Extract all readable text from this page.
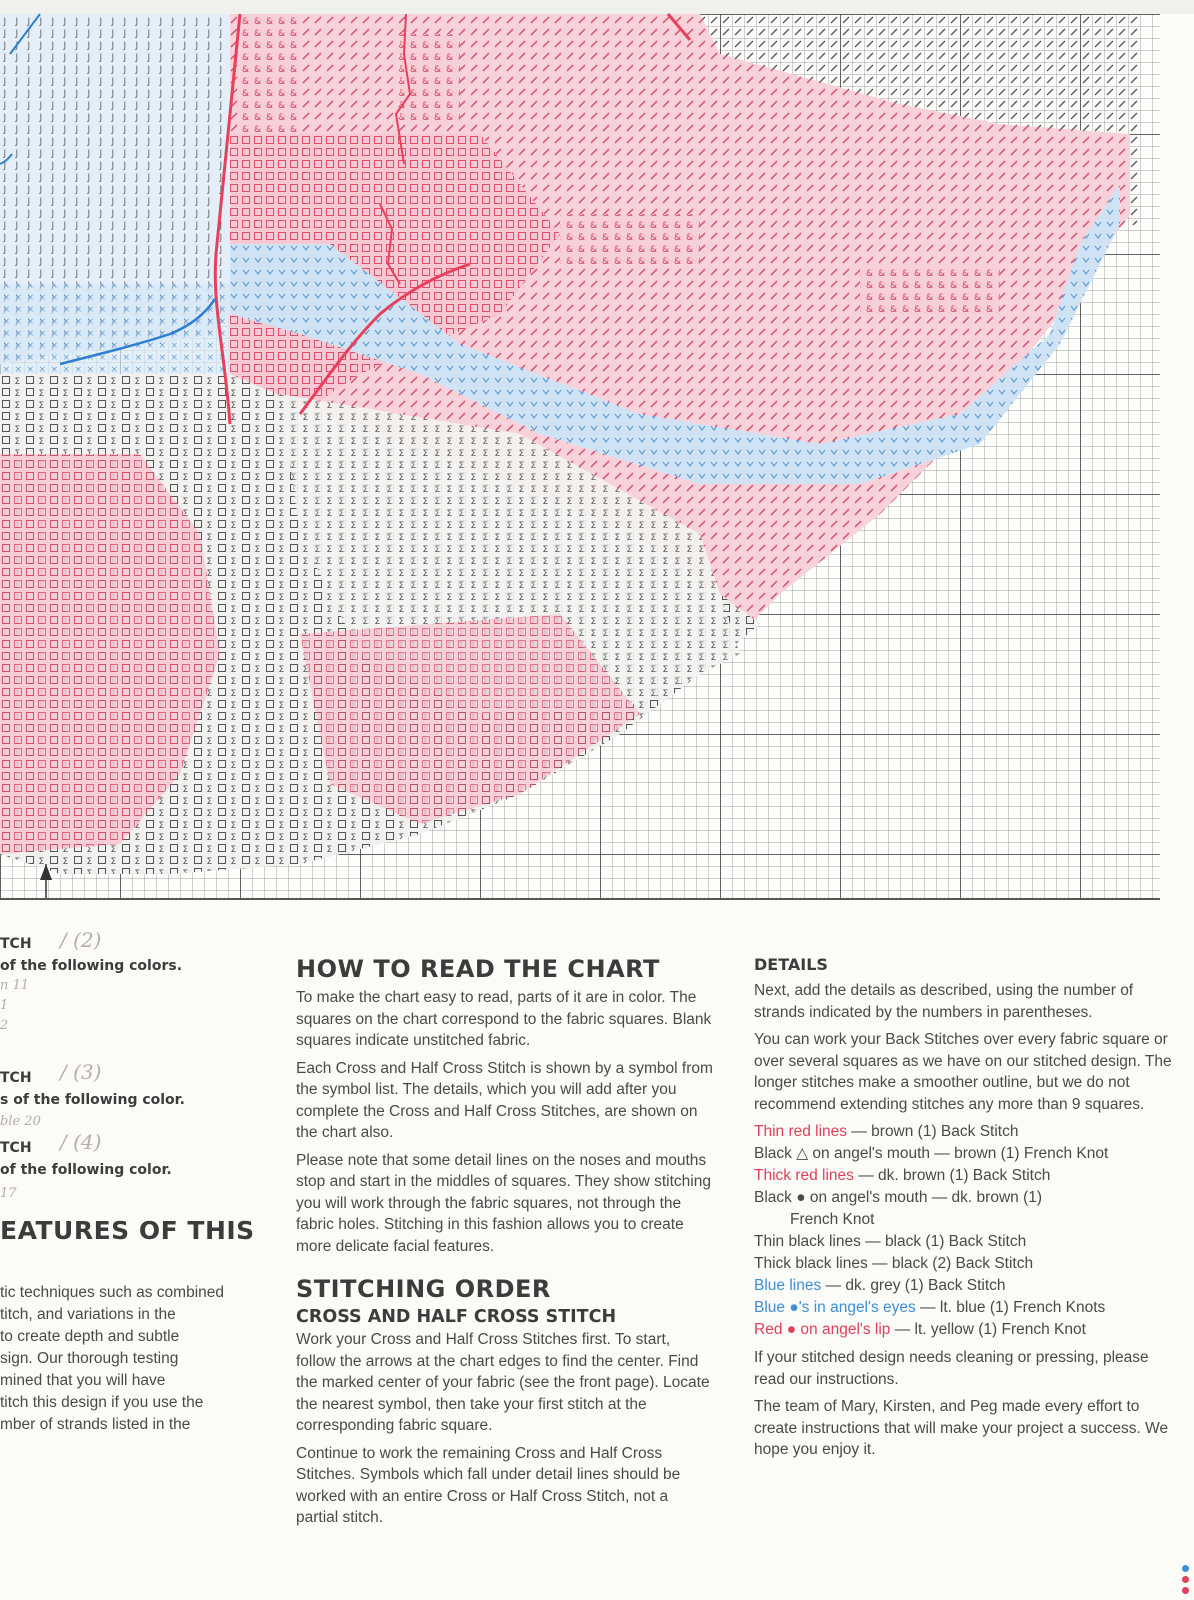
TCH / (2)
of the following colors.
n 11
1
2
TCH / (3)
s of the following color.
ble 20
TCH / (4)
of the following color.
17
EATURES OF THIS
tic techniques such as combined
titch, and variations in the
to create depth and subtle
sign. Our thorough testing
mined that you will have
titch this design if you use the
mber of strands listed in the
HOW TO READ THE CHART

To make the chart easy to read, parts of it are in color. The squares on the chart correspond to the fabric squares. Blank squares indicate unstitched fabric.

Each Cross and Half Cross Stitch is shown by a symbol from the symbol list. The details, which you will add after you complete the Cross and Half Cross Stitches, are shown on the chart also.

Please note that some detail lines on the noses and mouths stop and start in the middles of squares. They show stitching you will work through the fabric squares, not through the fabric holes. Stitching in this fashion allows you to create more delicate facial features.

STITCHING ORDER
CROSS AND HALF CROSS STITCH

Work your Cross and Half Cross Stitches first. To start, follow the arrows at the chart edges to find the center. Find the marked center of your fabric (see the front page). Locate the nearest symbol, then take your first stitch at the corresponding fabric square.

Continue to work the remaining Cross and Half Cross Stitches. Symbols which fall under detail lines should be worked with an entire Cross or Half Cross Stitch, not a partial stitch.

DETAILS

Next, add the details as described, using the number of strands indicated by the numbers in parentheses.

You can work your Back Stitches over every fabric square or over several squares as we have on our stitched design. The longer stitches make a smoother outline, but we do not recommend extending stitches any more than 9 squares.

Thin red lines — brown (1) Back Stitch
Black △ on angel's mouth — brown (1) French Knot
Thick red lines — dk. brown (1) Back Stitch
Black ● on angel's mouth — dk. brown (1)
French Knot
Thin black lines — black (1) Back Stitch
Thick black lines — black (2) Back Stitch
Blue lines — dk. grey (1) Back Stitch
Blue ●'s in angel's eyes — lt. blue (1) French Knots
Red ● on angel's lip — lt. yellow (1) French Knot

If your stitched design needs cleaning or pressing, please read our instructions.

The team of Mary, Kirsten, and Peg made every effort to create instructions that will make your project a success. We hope you enjoy it.
